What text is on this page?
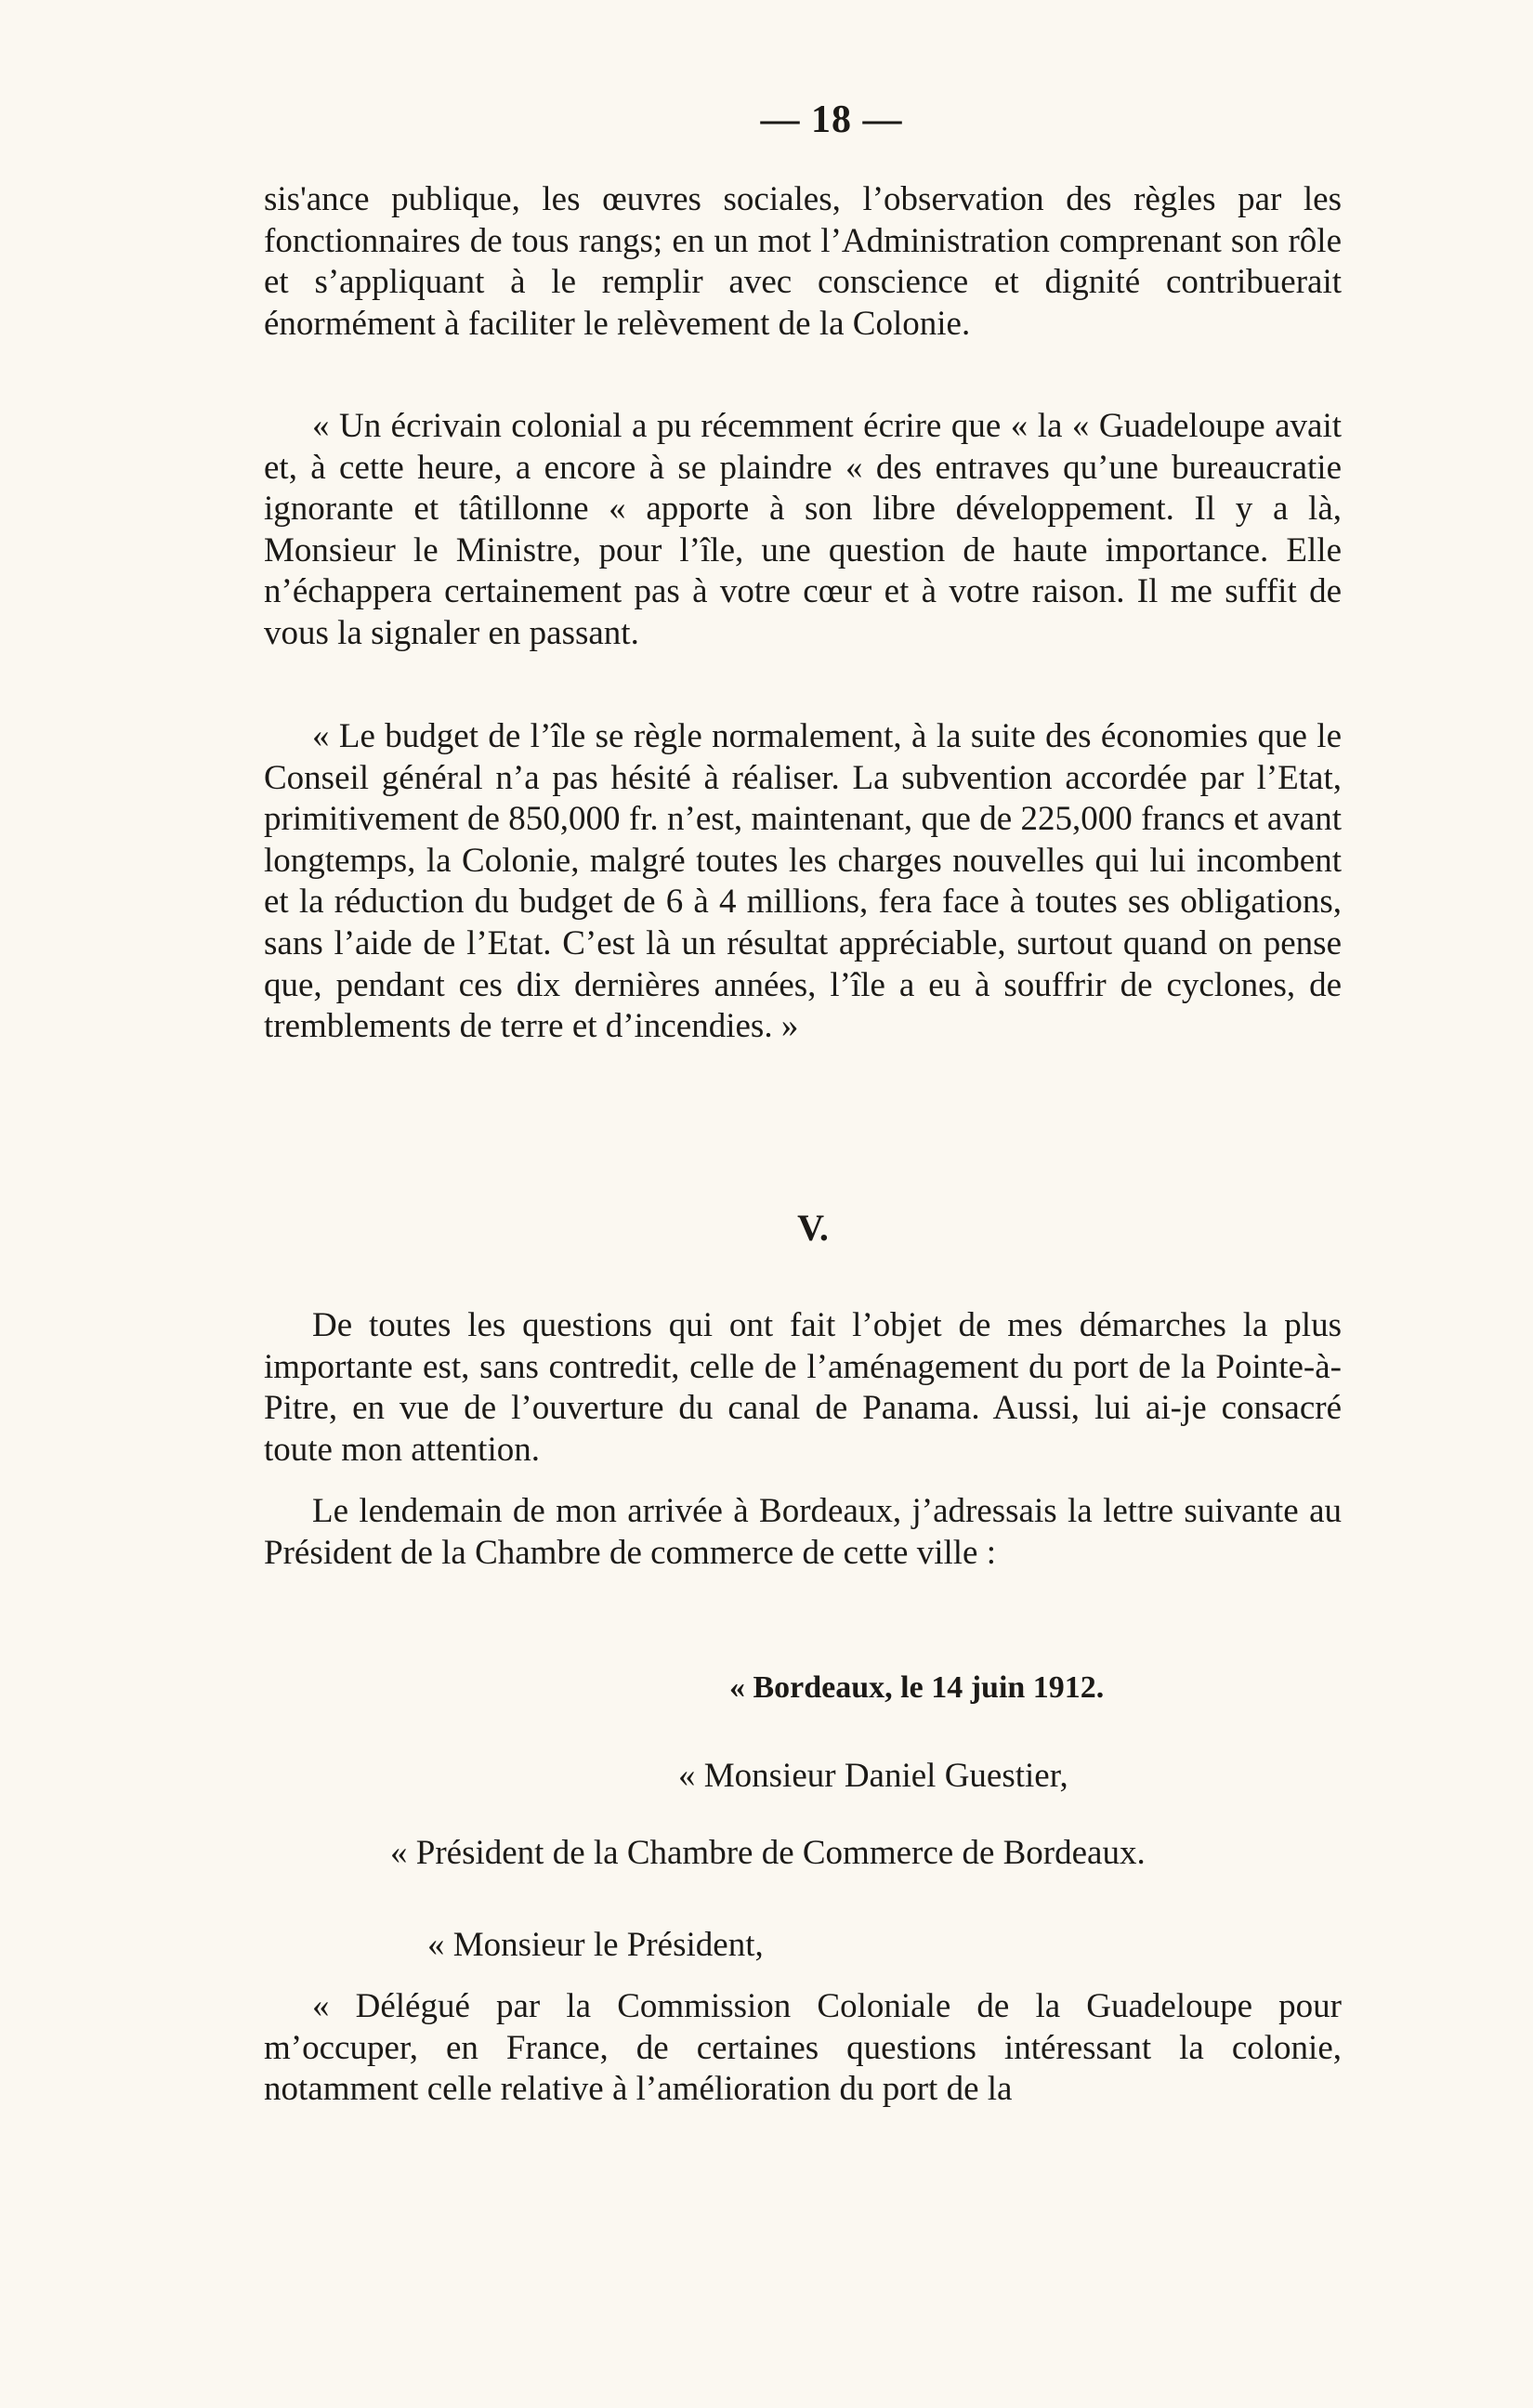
— 18 —

sis'ance publique, les œuvres sociales, l’observation des règles par les fonctionnaires de tous rangs; en un mot l’Administration comprenant son rôle et s’appliquant à le remplir avec conscience et dignité contribuerait énormément à faciliter le relèvement de la Colonie.

« Un écrivain colonial a pu récemment écrire que « la « Guadeloupe avait et, à cette heure, a encore à se plaindre « des entraves qu’une bureaucratie ignorante et tâtillonne « apporte à son libre développement. Il y a là, Monsieur le Ministre, pour l’île, une question de haute importance. Elle n’échappera certainement pas à votre cœur et à votre raison. Il me suffit de vous la signaler en passant.

« Le budget de l’île se règle normalement, à la suite des économies que le Conseil général n’a pas hésité à réaliser. La subvention accordée par l’Etat, primitivement de 850,000 fr. n’est, maintenant, que de 225,000 francs et avant longtemps, la Colonie, malgré toutes les charges nouvelles qui lui incombent et la réduction du budget de 6 à 4 millions, fera face à toutes ses obligations, sans l’aide de l’Etat. C’est là un résultat appréciable, surtout quand on pense que, pendant ces dix dernières années, l’île a eu à souffrir de cyclones, de tremblements de terre et d’incendies. »

V.

De toutes les questions qui ont fait l’objet de mes démarches la plus importante est, sans contredit, celle de l’aménagement du port de la Pointe-à-Pitre, en vue de l’ouverture du canal de Panama. Aussi, lui ai-je consacré toute mon attention.

Le lendemain de mon arrivée à Bordeaux, j’adressais la lettre suivante au Président de la Chambre de commerce de cette ville :

« Bordeaux, le 14 juin 1912.

« Monsieur Daniel Guestier,

« Président de la Chambre de Commerce de Bordeaux.

« Monsieur le Président,

« Délégué par la Commission Coloniale de la Guadeloupe pour m’occuper, en France, de certaines questions intéressant la colonie, notamment celle relative à l’amélioration du port de la
